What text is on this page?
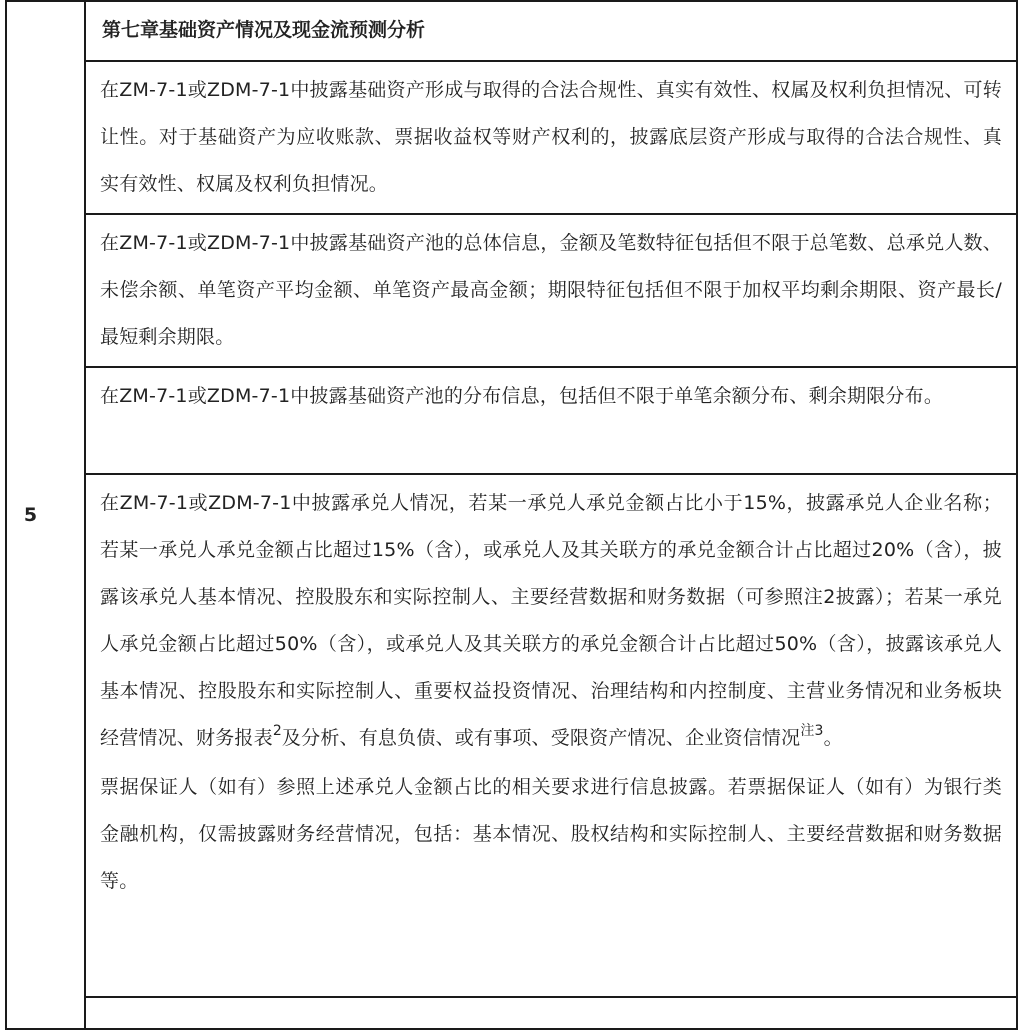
5

第七章基础资产情况及现金流预测分析

在ZM-7-1或ZDM-7-1中披露基础资产形成与取得的合法合规性、真实有效性、权属及权利负担情况、可转让性。对于基础资产为应收账款、票据收益权等财产权利的，披露底层资产形成与取得的合法合规性、真实有效性、权属及权利负担情况。

在ZM-7-1或ZDM-7-1中披露基础资产池的总体信息，金额及笔数特征包括但不限于总笔数、总承兑人数、未偿余额、单笔资产平均金额、单笔资产最高金额；期限特征包括但不限于加权平均剩余期限、资产最长/最短剩余期限。

在ZM-7-1或ZDM-7-1中披露基础资产池的分布信息，包括但不限于单笔余额分布、剩余期限分布。

在ZM-7-1或ZDM-7-1中披露承兑人情况，若某一承兑人承兑金额占比小于15%，披露承兑人企业名称；若某一承兑人承兑金额占比超过15%（含），或承兑人及其关联方的承兑金额合计占比超过20%（含），披露该承兑人基本情况、控股股东和实际控制人、主要经营数据和财务数据（可参照注2披露）；若某一承兑人承兑金额占比超过50%（含），或承兑人及其关联方的承兑金额合计占比超过50%（含），披露该承兑人基本情况、控股股东和实际控制人、重要权益投资情况、治理结构和内控制度、主营业务情况和业务板块经营情况、财务报表$^2$及分析、有息负债、或有事项、受限资产情况、企业资信情况$^{注3}$。

票据保证人（如有）参照上述承兑人金额占比的相关要求进行信息披露。若票据保证人（如有）为银行类金融机构，仅需披露财务经营情况，包括：基本情况、股权结构和实际控制人、主要经营数据和财务数据等。
